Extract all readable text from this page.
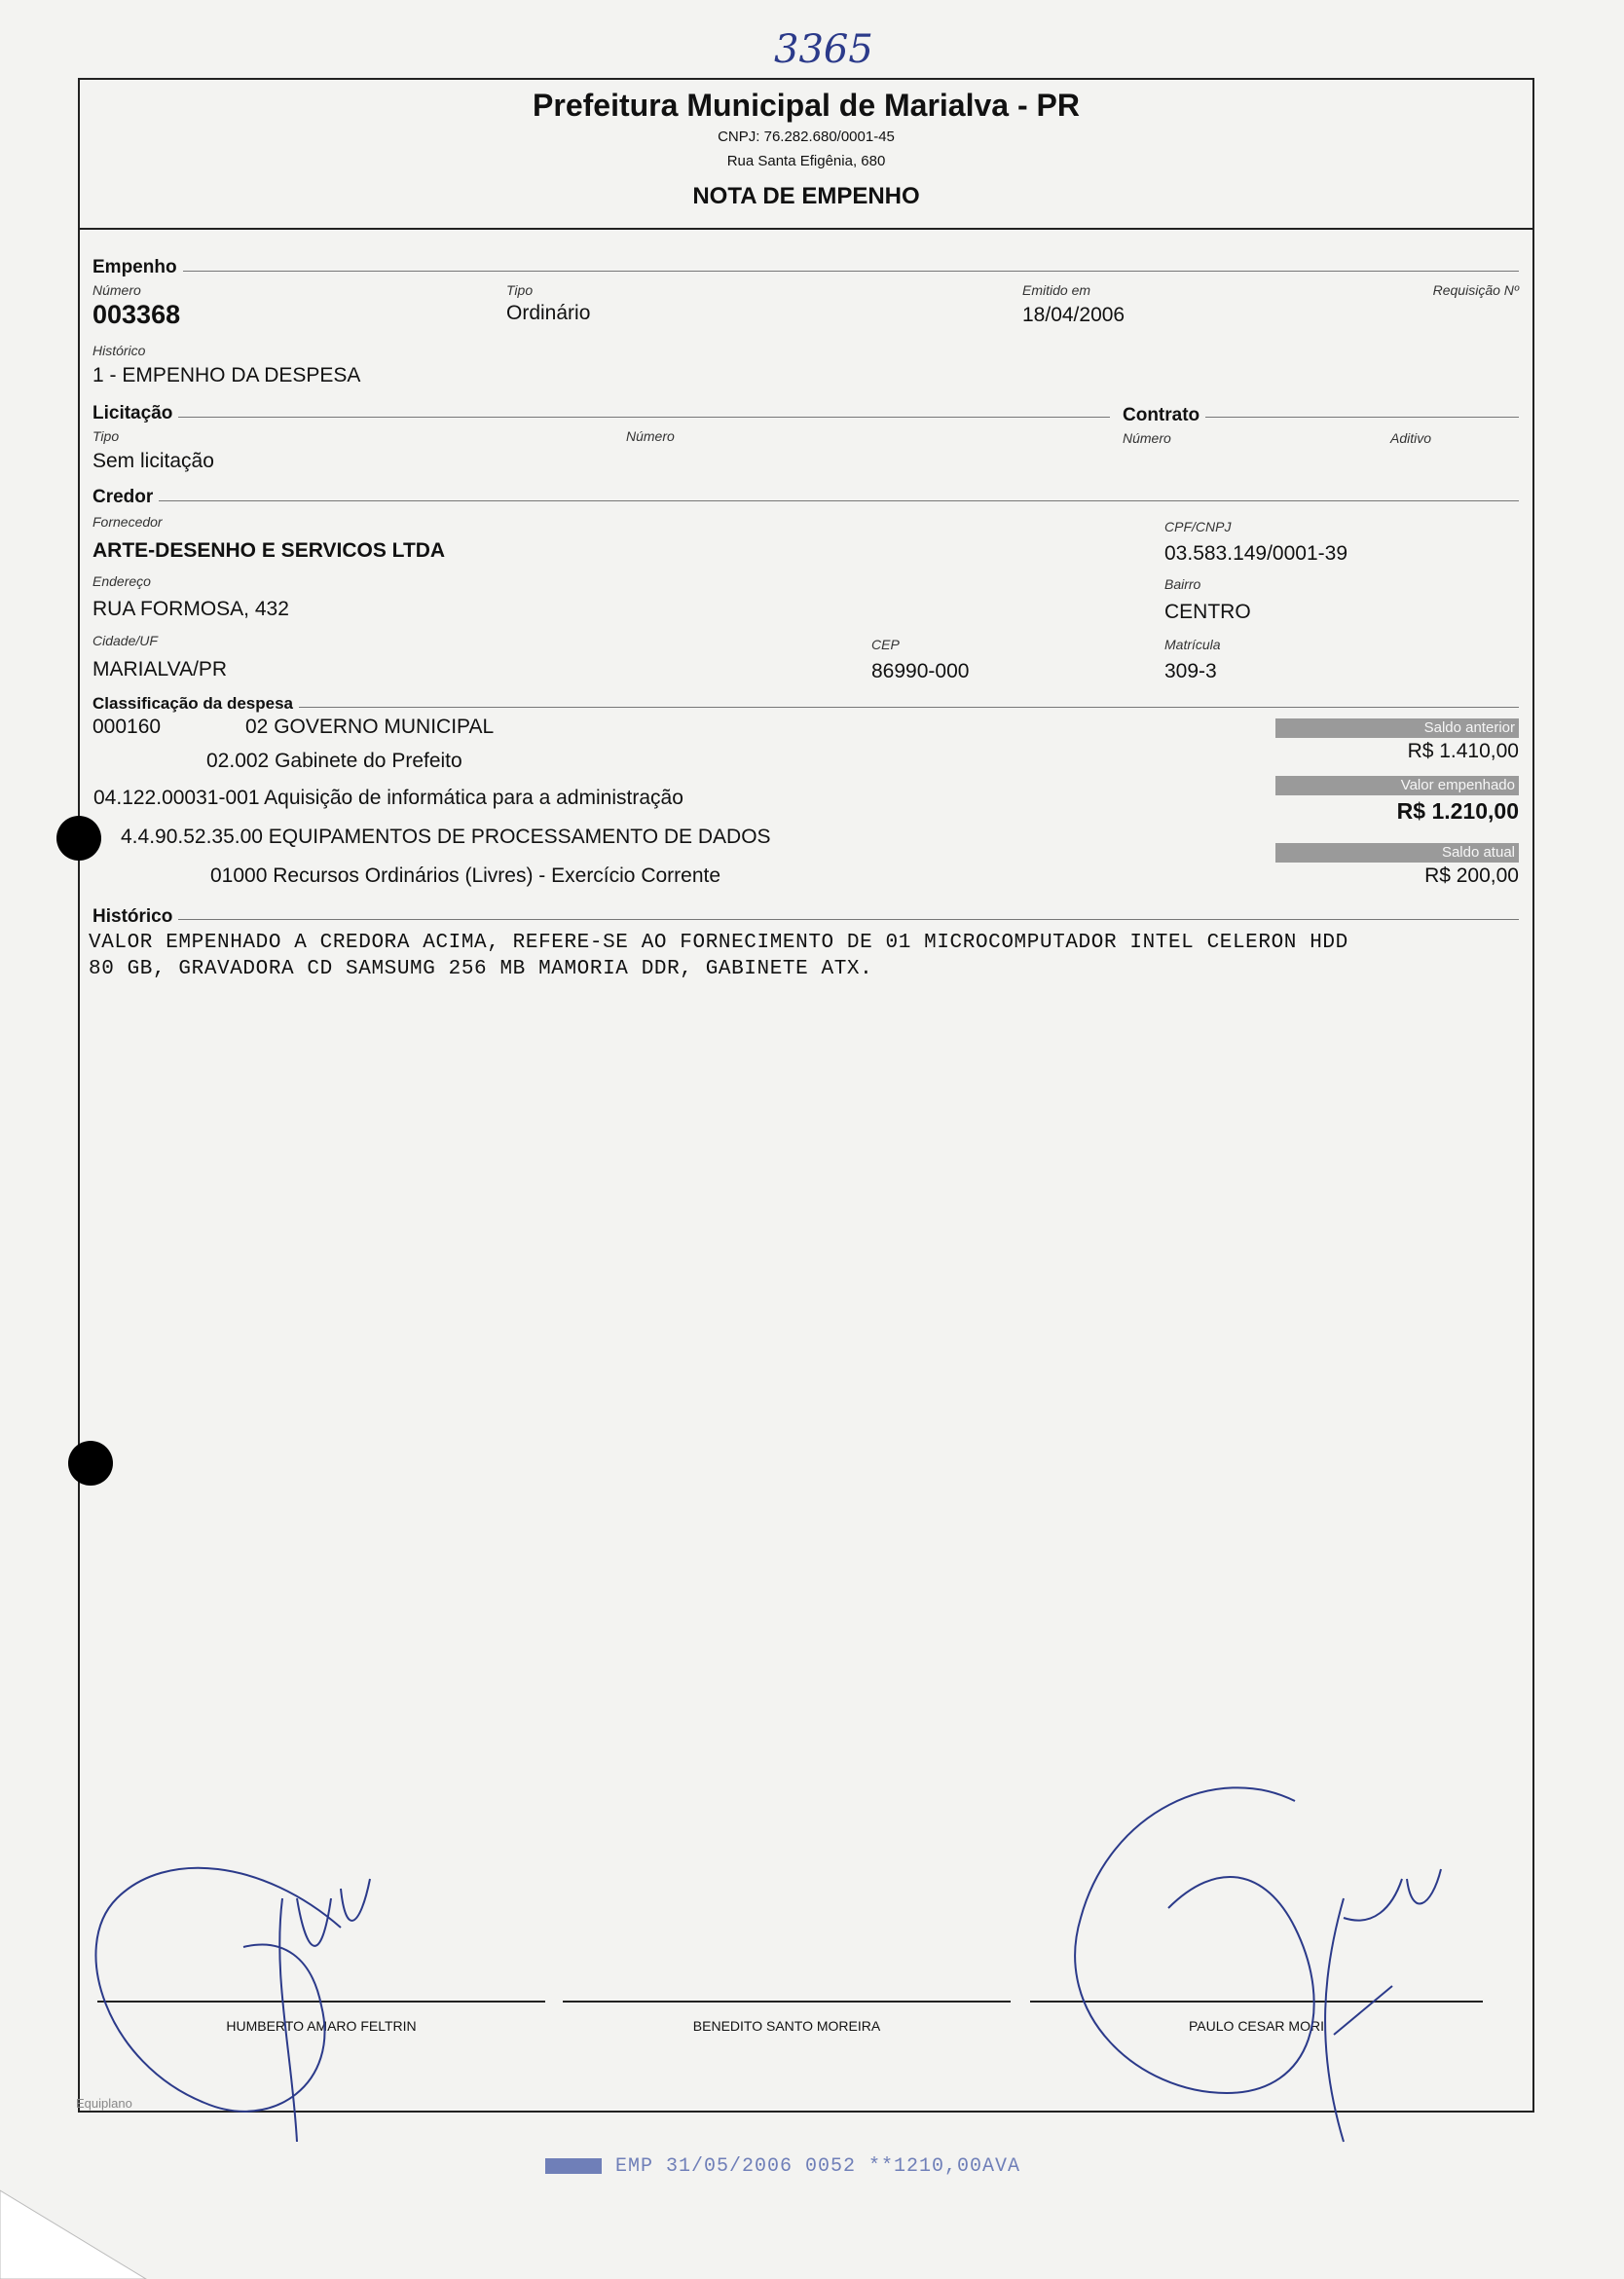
3365
Prefeitura Municipal de Marialva - PR
CNPJ: 76.282.680/0001-45
Rua Santa Efigênia, 680
NOTA DE EMPENHO
Empenho
Número
003368
Tipo
Ordinário
Emitido em
18/04/2006
Requisição Nº
Histórico
1 - EMPENHO DA DESPESA
Licitação
Tipo
Sem licitação
Número
Contrato
Número	Aditivo
Credor
Fornecedor
ARTE-DESENHO E SERVICOS LTDA
CPF/CNPJ
03.583.149/0001-39
Endereço
RUA FORMOSA, 432
Bairro
CENTRO
Cidade/UF
MARIALVA/PR
CEP
86990-000
Matrícula
309-3
Classificação da despesa
000160	02 GOVERNO MUNICIPAL
02.002 Gabinete do Prefeito
04.122.00031-001 Aquisição de informática para a administração
4.4.90.52.35.00 EQUIPAMENTOS DE PROCESSAMENTO DE DADOS
01000 Recursos Ordinários (Livres) - Exercício Corrente
Saldo anterior
R$ 1.410,00
Valor empenhado
R$ 1.210,00
Saldo atual
R$ 200,00
Histórico
VALOR EMPENHADO A CREDORA ACIMA, REFERE-SE AO FORNECIMENTO DE 01 MICROCOMPUTADOR INTEL CELERON HDD
80 GB, GRAVADORA CD SAMSUMG 256 MB MAMORIA DDR, GABINETE ATX.
HUMBERTO AMARO FELTRIN	BENEDITO SANTO MOREIRA	PAULO CESAR MORI
Equiplano
EMP 31/05/2006 0052 **1210,00AVA
